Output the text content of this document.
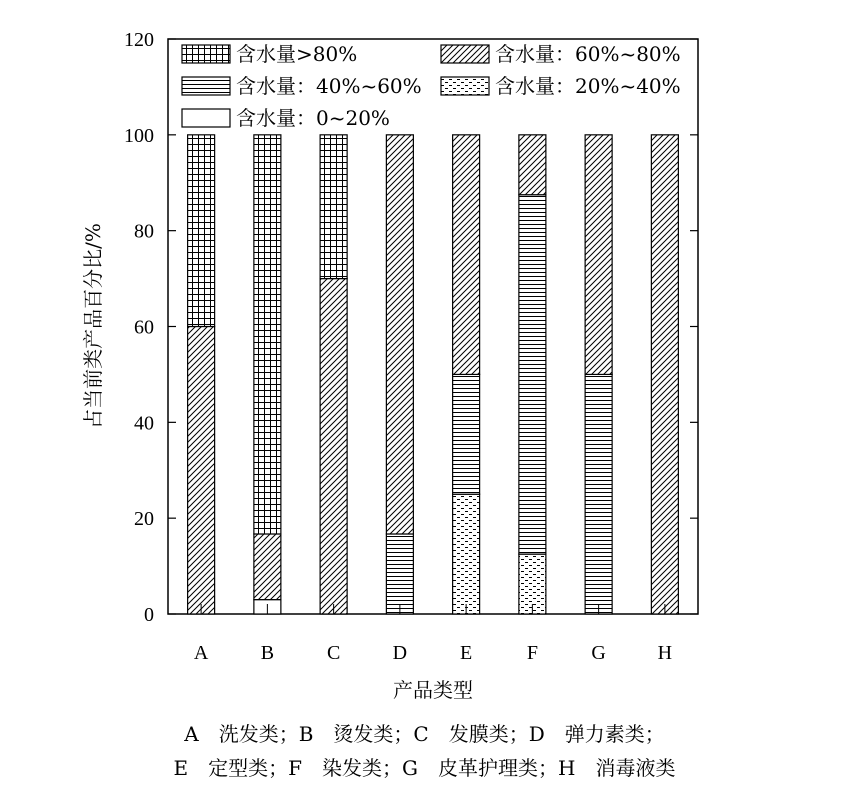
0
20
40
60
80
100
120
A	B	C	D	E	F	G	H
含水量>80%	含水量：60%~80%
含水量：40%~60%	含水量：20%~40%
含水量：0~20%
产品类型
占当前类产品百分比/%
A　洗发类；B　烫发类；C　发膜类；D　弹力素类；
E　定型类；F　染发类；G　皮革护理类；H　消毒液类
